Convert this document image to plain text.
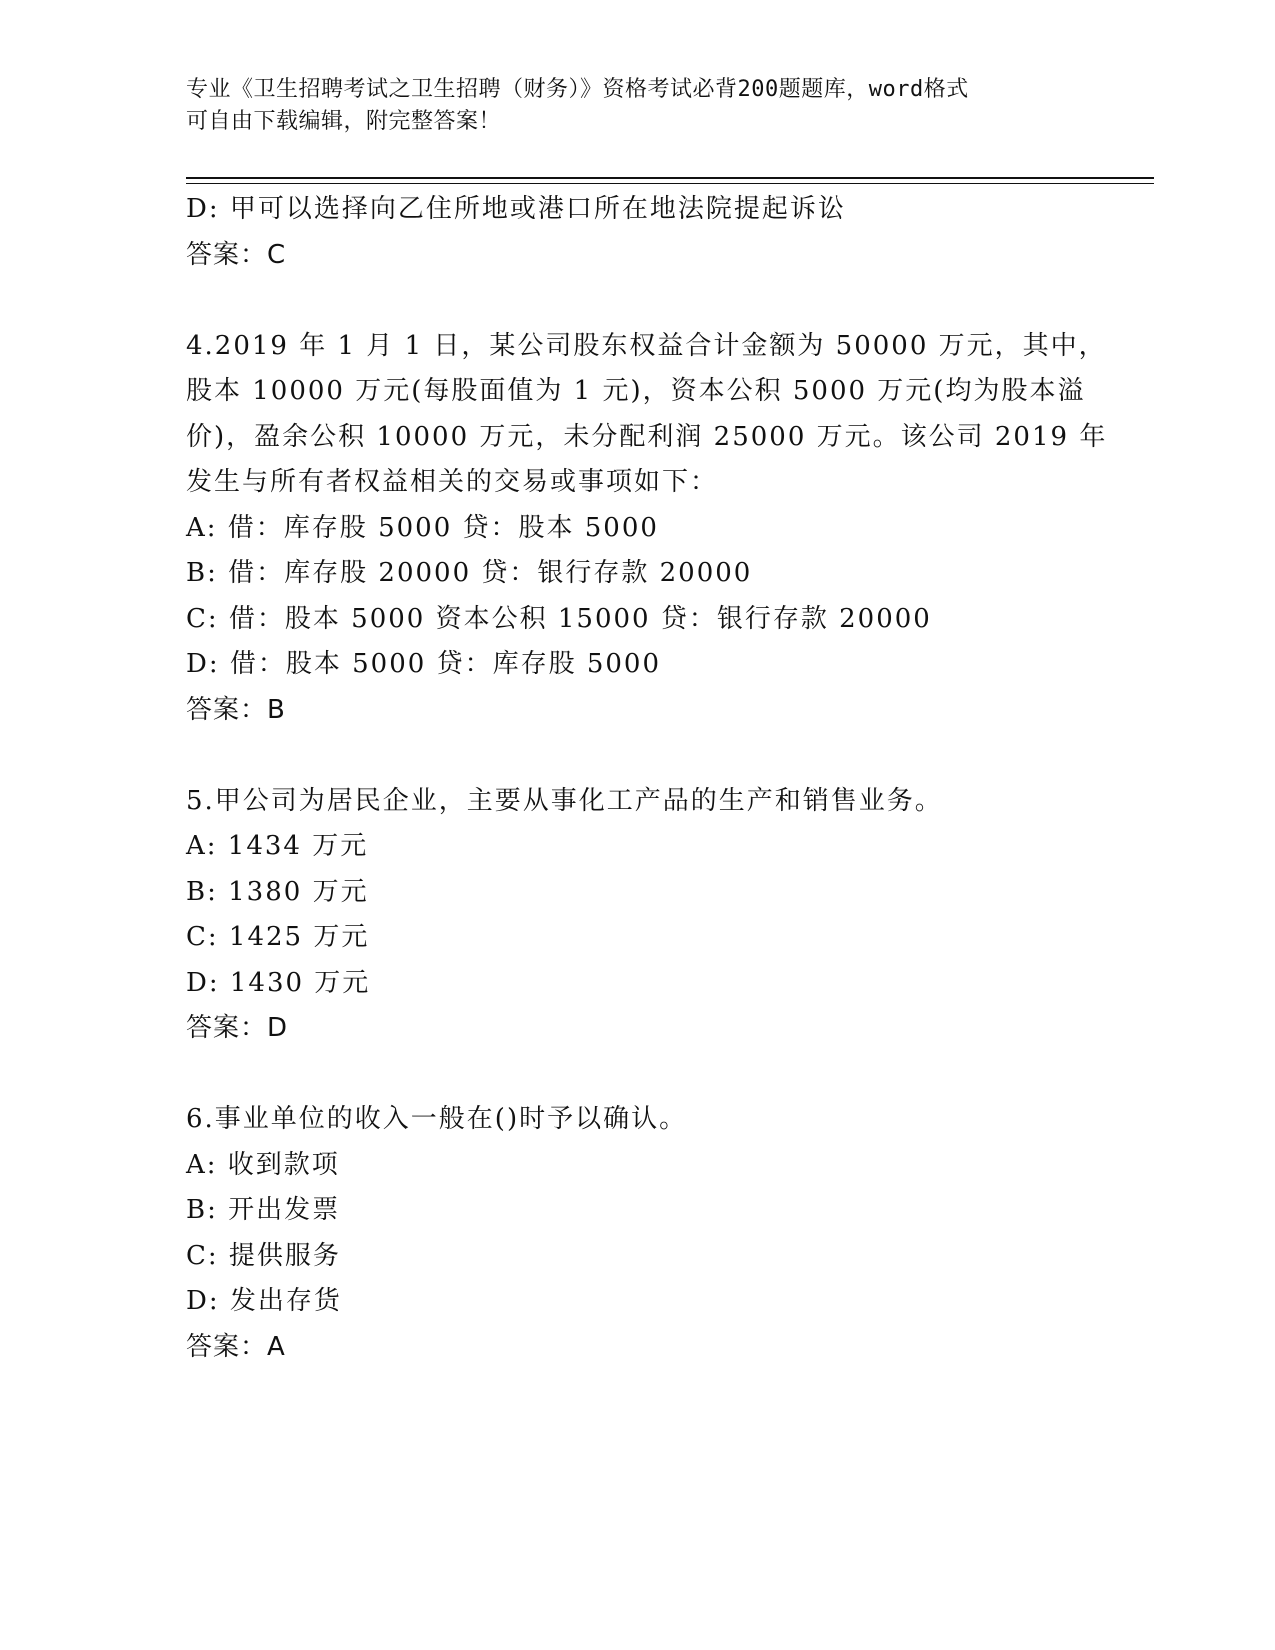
专业《卫生招聘考试之卫生招聘（财务）》资格考试必背200题题库，word格式
可自由下载编辑，附完整答案！
D: 甲可以选择向乙住所地或港口所在地法院提起诉讼
答案：C
4.2019 年 1 月 1 日，某公司股东权益合计金额为 50000 万元，其中，
股本 10000 万元(每股面值为 1 元)，资本公积 5000 万元(均为股本溢
价)，盈余公积 10000 万元，未分配利润 25000 万元。该公司 2019 年
发生与所有者权益相关的交易或事项如下：
A: 借：库存股 5000 贷：股本 5000
B: 借：库存股 20000 贷：银行存款 20000
C: 借：股本 5000 资本公积 15000 贷：银行存款 20000
D: 借：股本 5000 贷：库存股 5000
答案：B
5.甲公司为居民企业，主要从事化工产品的生产和销售业务。
A: 1434 万元
B: 1380 万元
C: 1425 万元
D: 1430 万元
答案：D
6.事业单位的收入一般在()时予以确认。
A: 收到款项
B: 开出发票
C: 提供服务
D: 发出存货
答案：A
